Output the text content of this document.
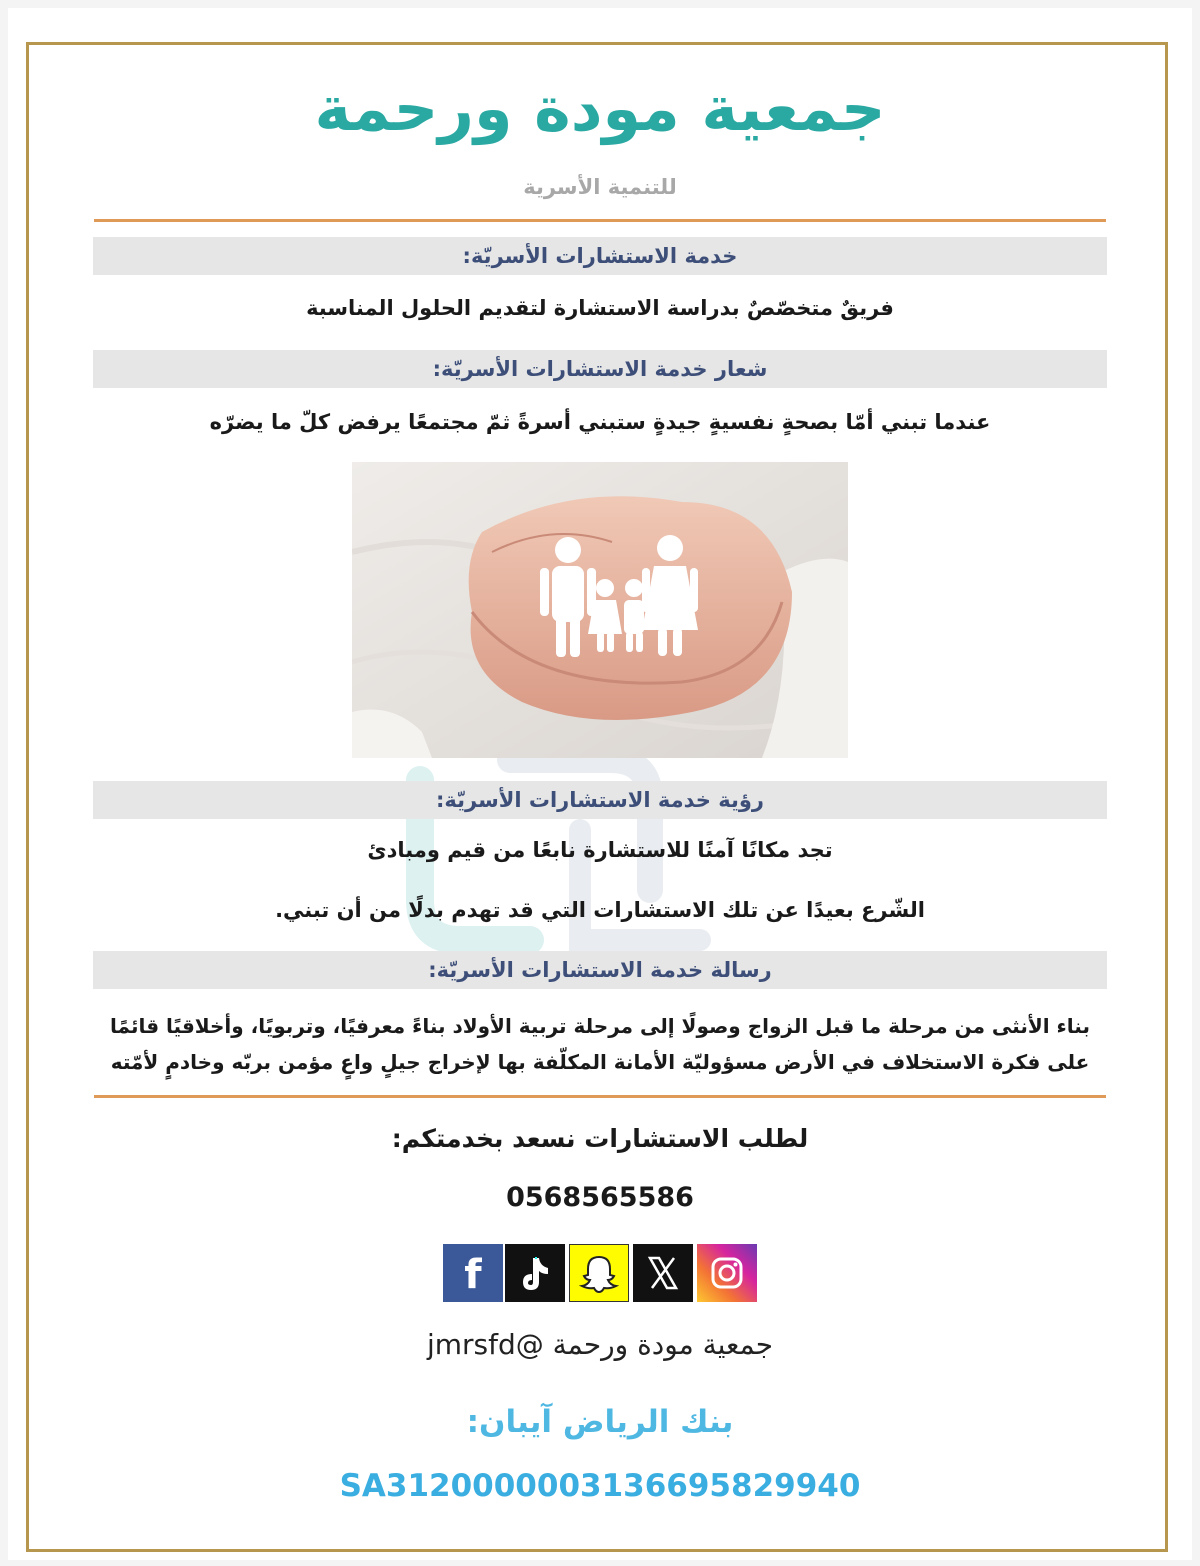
جمعية مودة ورحمة
للتنمية الأسرية
خدمة الاستشارات الأسريّة:
فريقٌ متخصّصٌ بدراسة الاستشارة لتقديم الحلول المناسبة
شعار خدمة الاستشارات الأسريّة:
عندما تبني أمّا بصحةٍ نفسيةٍ جيدةٍ ستبني أسرةً ثمّ مجتمعًا يرفض كلّ ما يضرّه
رؤية خدمة الاستشارات الأسريّة:
تجد مكانًا آمنًا للاستشارة نابعًا من قيم ومبادئ
الشّرع بعيدًا عن تلك الاستشارات التي قد تهدم بدلًا من أن تبني.
رسالة خدمة الاستشارات الأسريّة:
بناء الأنثى من مرحلة ما قبل الزواج وصولًا إلى مرحلة تربية الأولاد بناءً معرفيًا، وتربويًا، وأخلاقيًا قائمًا
على فكرة الاستخلاف في الأرض مسؤوليّة الأمانة المكلّفة بها لإخراج جيلٍ واعٍ مؤمن بربّه وخادمٍ لأمّته
لطلب الاستشارات نسعد بخدمتكم:
0568565586
f
جمعية مودة ورحمة @jmrsfd
بنك الرياض آيبان:
SA3120000003136695829940
